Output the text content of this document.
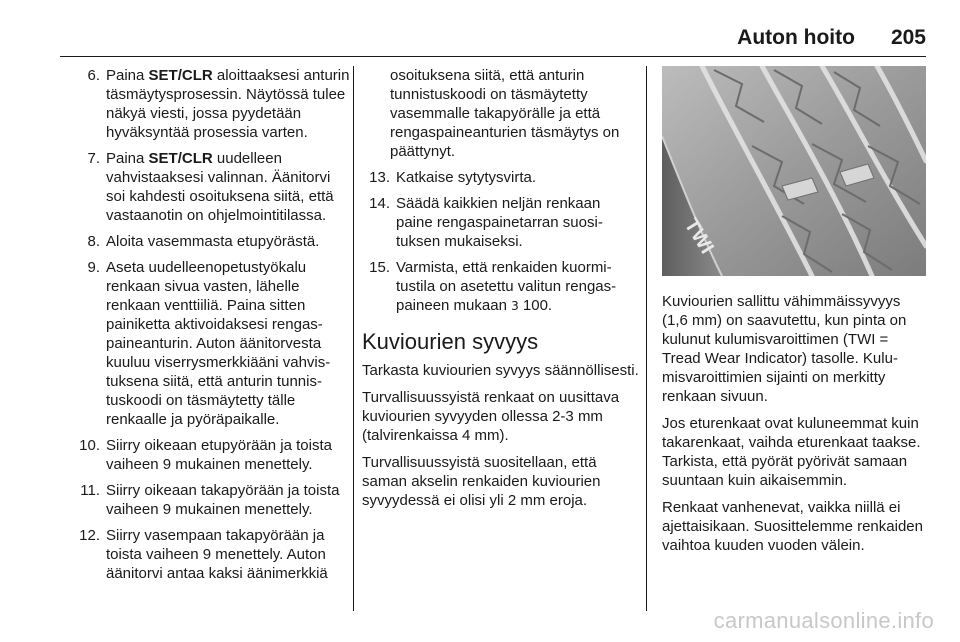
Auton hoito 205
6. Paina SET/CLR aloittaaksesi anturin täsmäytysprosessin. Näytössä tulee näkyä viesti, jossa pyydetään hyväksyntää prosessia varten.
7. Paina SET/CLR uudelleen vahvistaaksesi valinnan. Äänitorvi soi kahdesti osoituksena siitä, että vastaanotin on ohjelmointitilassa.
8. Aloita vasemmasta etupyörästä.
9. Aseta uudelleenopetustyökalu renkaan sivua vasten, lähelle renkaan venttiiliä. Paina sitten painiketta aktivoidaksesi rengaspaineanturin. Auton äänitorvesta kuuluu viserrysmerkkiääni vahvistuksena siitä, että anturin tunnistuskoodi on täsmäytetty tälle renkaalle ja pyöräpaikalle.
10. Siirry oikeaan etupyörään ja toista vaiheen 9 mukainen menettely.
11. Siirry oikeaan takapyörään ja toista vaiheen 9 mukainen menettely.
12. Siirry vasempaan takapyörään ja toista vaiheen 9 menettely. Auton äänitorvi antaa kaksi äänimerkkiä
osoituksena siitä, että anturin tunnistuskoodi on täsmäytetty vasemmalle takapyörälle ja että rengaspaineanturien täsmäytys on päättynyt.
13. Katkaise sytytysvirta.
14. Säädä kaikkien neljän renkaan paine rengaspainetarran suosituksen mukaiseksi.
15. Varmista, että renkaiden kuormitustila on asetettu valitun rengaspaineen mukaan 3 100.
Kuviourien syvyys

Tarkasta kuviourien syvyys säännöllisesti.

Turvallisuussyistä renkaat on uusittava kuviourien syvyyden ollessa 2-3 mm (talvirenkaissa 4 mm).

Turvallisuussyistä suositellaan, että saman akselin renkaiden kuviourien syvyydessä ei olisi yli 2 mm eroja.

TWI

Kuviourien sallittu vähimmäissyvyys (1,6 mm) on saavutettu, kun pinta on kulunut kulumisvaroittimen (TWI = Tread Wear Indicator) tasolle. Kulumisvaroittimien sijainti on merkitty renkaan sivuun.

Jos eturenkaat ovat kuluneemmat kuin takarenkaat, vaihda eturenkaat taakse. Tarkista, että pyörät pyörivät samaan suuntaan kuin aikaisemmin.

Renkaat vanhenevat, vaikka niillä ei ajettaisikaan. Suosittelemme renkaiden vaihtoa kuuden vuoden välein.

carmanualsonline.info
